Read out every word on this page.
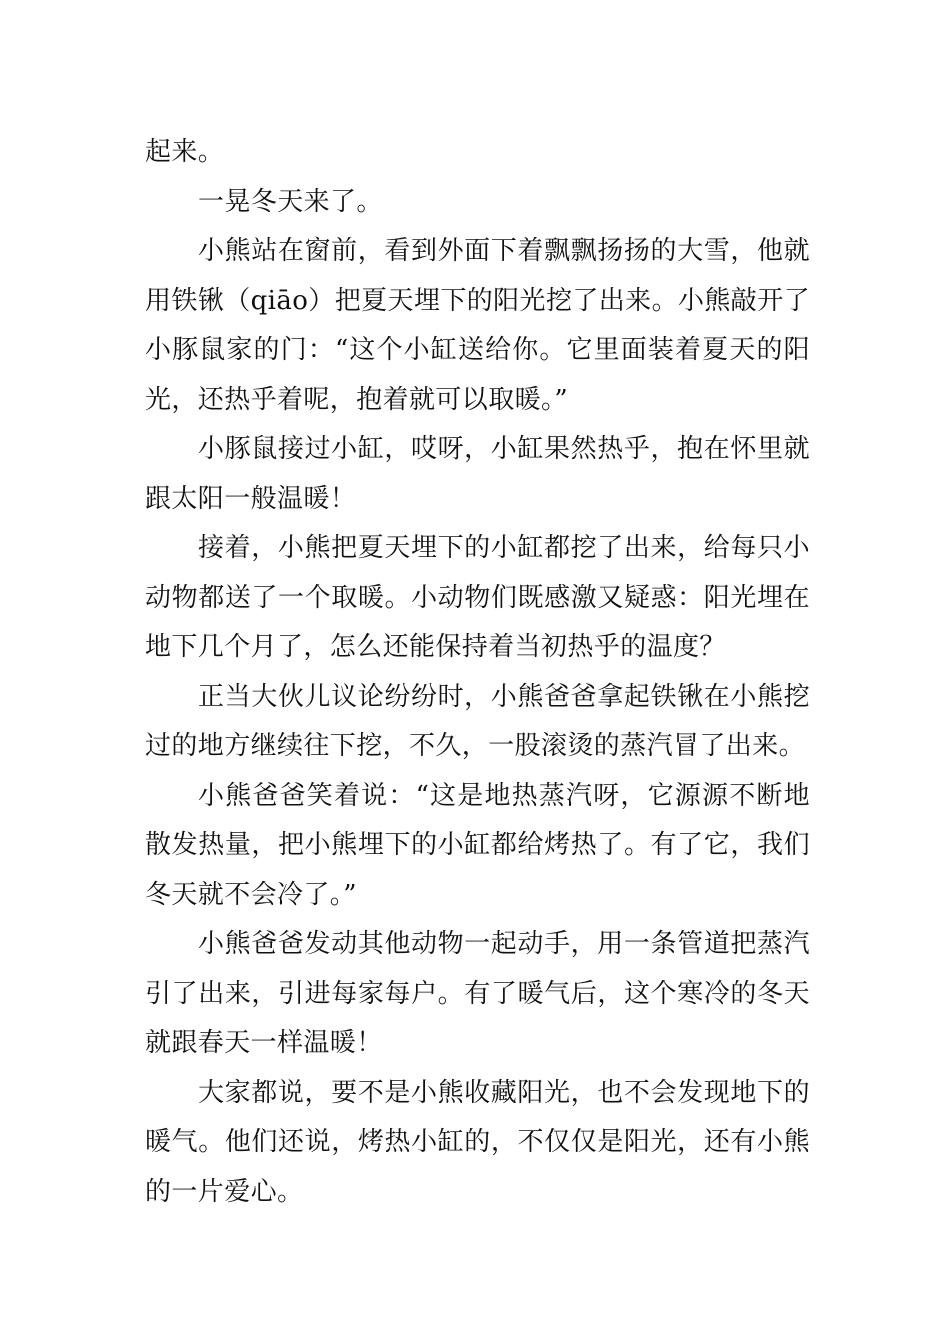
起来。

一晃冬天来了。

小熊站在窗前，看到外面下着飘飘扬扬的大雪，他就用铁锹（qiāo）把夏天埋下的阳光挖了出来。小熊敲开了小豚鼠家的门：“这个小缸送给你。它里面装着夏天的阳光，还热乎着呢，抱着就可以取暖。”

小豚鼠接过小缸，哎呀，小缸果然热乎，抱在怀里就跟太阳一般温暖！

接着，小熊把夏天埋下的小缸都挖了出来，给每只小动物都送了一个取暖。小动物们既感激又疑惑：阳光埋在地下几个月了，怎么还能保持着当初热乎的温度？

正当大伙儿议论纷纷时，小熊爸爸拿起铁锹在小熊挖过的地方继续往下挖，不久，一股滚烫的蒸汽冒了出来。

小熊爸爸笑着说：“这是地热蒸汽呀，它源源不断地散发热量，把小熊埋下的小缸都给烤热了。有了它，我们冬天就不会冷了。”

小熊爸爸发动其他动物一起动手，用一条管道把蒸汽引了出来，引进每家每户。有了暖气后，这个寒冷的冬天就跟春天一样温暖！

大家都说，要不是小熊收藏阳光，也不会发现地下的暖气。他们还说，烤热小缸的，不仅仅是阳光，还有小熊的一片爱心。
